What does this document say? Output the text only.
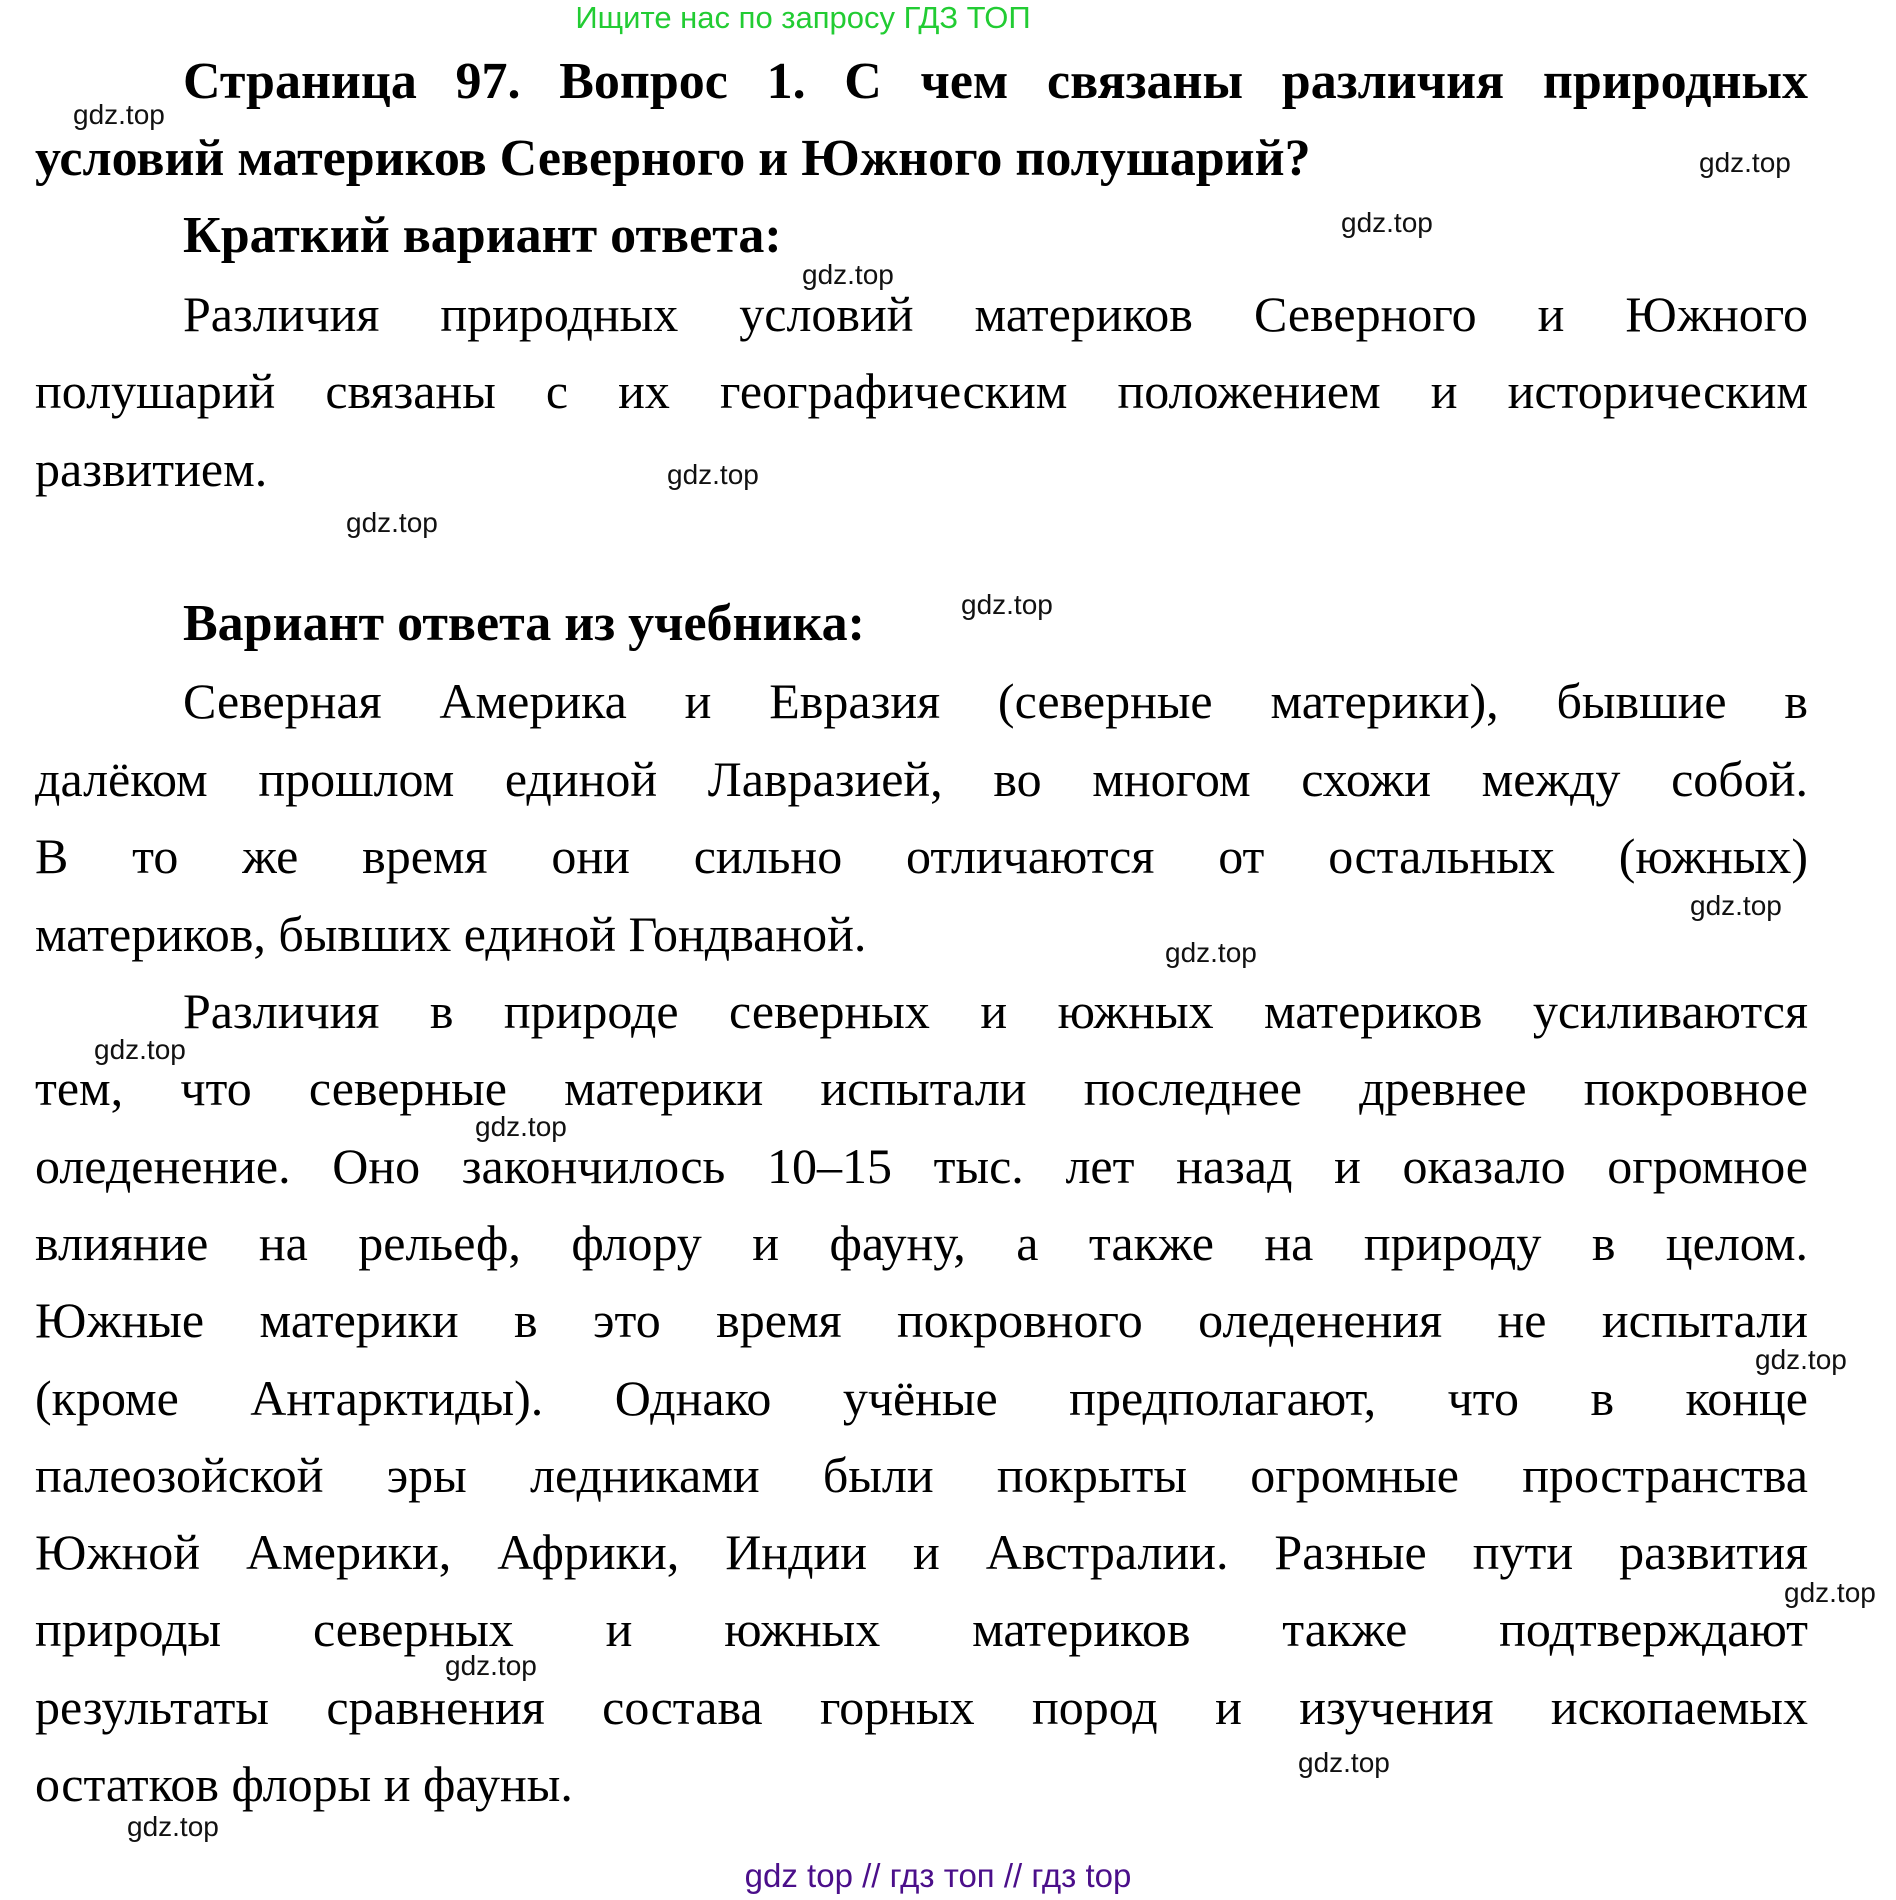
Ищите нас по запросу ГДЗ ТОП
Страница 97. Вопрос 1. С чем связаны различия природных
условий материков Северного и Южного полушарий?
Краткий вариант ответа:
Различия природных условий материков Северного и Южного
полушарий связаны с их географическим положением и историческим
развитием.
Вариант ответа из учебника:
Северная Америка и Евразия (северные материки), бывшие в
далёком прошлом единой Лавразией, во многом схожи между собой.
В то же время они сильно отличаются от остальных (южных)
материков, бывших единой Гондваной.
Различия в природе северных и южных материков усиливаются
тем, что северные материки испытали последнее древнее покровное
оледенение. Оно закончилось 10–15 тыс. лет назад и оказало огромное
влияние на рельеф, флору и фауну, а также на природу в целом.
Южные материки в это время покровного оледенения не испытали
(кроме Антарктиды). Однако учёные предполагают, что в конце
палеозойской эры ледниками были покрыты огромные пространства
Южной Америки, Африки, Индии и Австралии. Разные пути развития
природы северных и южных материков также подтверждают
результаты сравнения состава горных пород и изучения ископаемых
остатков флоры и фауны.
gdz.top
gdz.top
gdz.top
gdz.top
gdz.top
gdz.top
gdz.top
gdz.top
gdz.top
gdz.top
gdz.top
gdz.top
gdz.top
gdz.top
gdz.top
gdz.top
gdz top // гдз топ // гдз top
